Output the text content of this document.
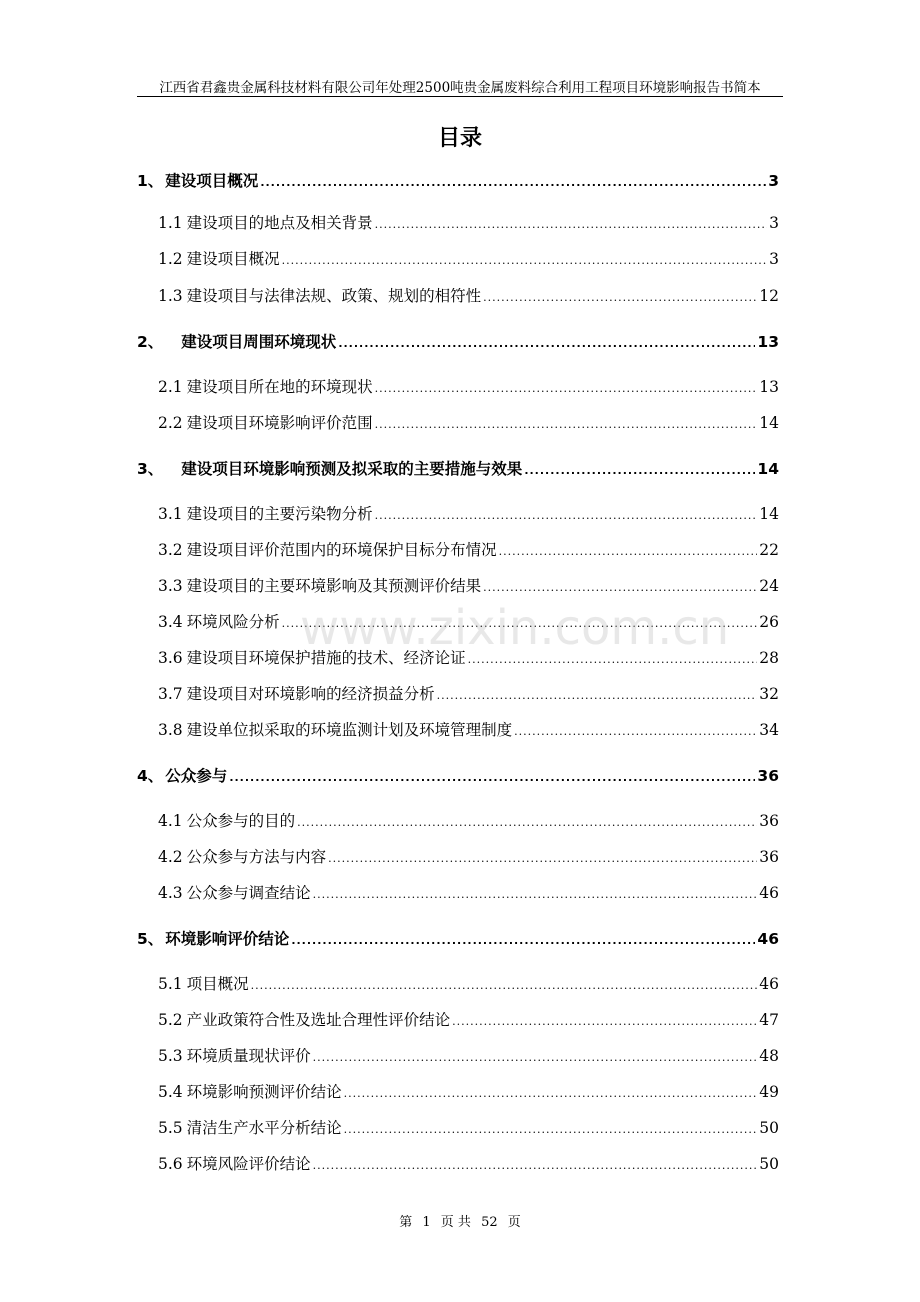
江西省君鑫贵金属科技材料有限公司年处理2500吨贵金属废料综合利用工程项目环境影响报告书简本
目录
1、 建设项目概况 .....	3
1.1 建设项目的地点及相关背景 .....	3
1.2 建设项目概况 .....	3
1.3 建设项目与法律法规、政策、规划的相符性 .....	12
2、 建设项目周围环境现状 .....	13
2.1 建设项目所在地的环境现状 .....	13
2.2 建设项目环境影响评价范围 .....	14
3、 建设项目环境影响预测及拟采取的主要措施与效果 .....	14
3.1 建设项目的主要污染物分析 .....	14
3.2 建设项目评价范围内的环境保护目标分布情况 .....	22
3.3 建设项目的主要环境影响及其预测评价结果 .....	24
3.4 环境风险分析 .....	26
3.6 建设项目环境保护措施的技术、经济论证 .....	28
3.7 建设项目对环境影响的经济损益分析 .....	32
3.8 建设单位拟采取的环境监测计划及环境管理制度 .....	34
4、 公众参与 .....	36
4.1 公众参与的目的 .....	36
4.2 公众参与方法与内容 .....	36
4.3 公众参与调查结论 .....	46
5、 环境影响评价结论 .....	46
5.1 项目概况 .....	46
5.2 产业政策符合性及选址合理性评价结论 .....	47
5.3 环境质量现状评价 .....	48
5.4 环境影响预测评价结论 .....	49
5.5 清洁生产水平分析结论 .....	50
5.6 环境风险评价结论 .....	50
www.zixin.com.cn
第 1 页 共 52 页
